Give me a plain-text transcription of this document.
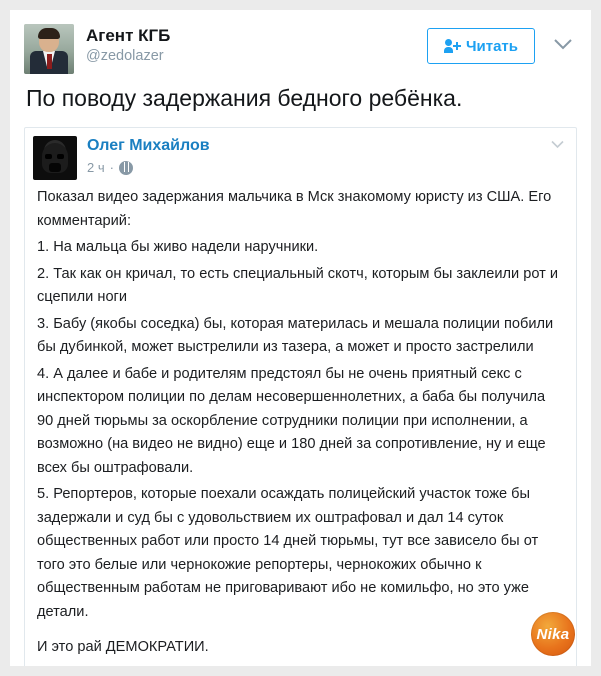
Агент КГБ
@zedolazer
Читать
По поводу задержания бедного ребёнка.
Олег Михайлов
2 ч ·

Показал видео задержания мальчика в Мск знакомому юристу из США. Его комментарий:

1. На мальца бы живо надели наручники.

2. Так как он кричал, то есть специальный скотч, которым бы заклеили рот и сцепили ноги

3. Бабу (якобы соседка) бы, которая материлась и мешала полиции побили бы дубинкой, может выстрелили из тазера, а может и просто застрелили

4. А далее и бабе и родителям предстоял бы не очень приятный секс с инспектором полиции по делам несовершеннолетних, а баба бы получила 90 дней тюрьмы за оскорбление сотрудники полиции при исполнении, а возможно (на видео не видно) еще и 180 дней за сопротивление, ну и еще всех бы оштрафовали.

5. Репортеров, которые поехали осаждать полицейский участок тоже бы задержали и суд бы с удовольствием их оштрафовал и дал 14 суток общественных работ или просто 14 дней тюрьмы, тут все зависело бы от того это белые или чернокожие репортеры, чернокожих обычно к общественным работам не приговаривают ибо не комильфо, но это уже детали.

И это рай ДЕМОКРАТИИ.

Nika
